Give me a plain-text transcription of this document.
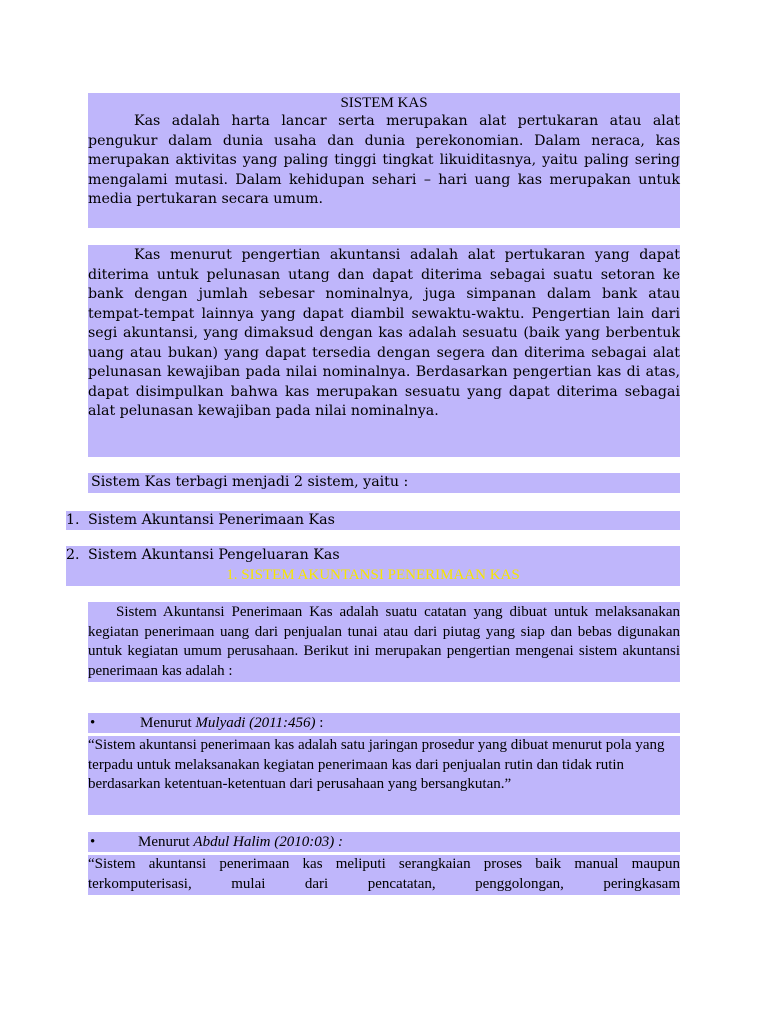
SISTEM KAS
Kas adalah harta lancar serta merupakan alat pertukaran atau alat pengukur dalam dunia usaha dan dunia perekonomian. Dalam neraca, kas merupakan aktivitas yang paling tinggi tingkat likuiditasnya, yaitu paling sering mengalami mutasi. Dalam kehidupan sehari – hari uang kas merupakan untuk media pertukaran secara umum.
Kas menurut pengertian akuntansi adalah alat pertukaran yang dapat diterima untuk pelunasan utang dan dapat diterima sebagai suatu setoran ke bank dengan jumlah sebesar nominalnya, juga simpanan dalam bank atau tempat-tempat lainnya yang dapat diambil sewaktu-waktu. Pengertian lain dari segi akuntansi, yang dimaksud dengan kas adalah sesuatu (baik yang berbentuk uang atau bukan) yang dapat tersedia dengan segera dan diterima sebagai alat pelunasan kewajiban pada nilai nominalnya. Berdasarkan pengertian kas di atas, dapat disimpulkan bahwa kas merupakan sesuatu yang dapat diterima sebagai alat pelunasan kewajiban pada nilai nominalnya.
Sistem Kas terbagi menjadi 2 sistem, yaitu :
1. Sistem Akuntansi Penerimaan Kas
2. Sistem Akuntansi Pengeluaran Kas
1. SISTEM AKUNTANSI PENERIMAAN KAS
Sistem Akuntansi Penerimaan Kas adalah suatu catatan yang dibuat untuk melaksanakan kegiatan penerimaan uang dari penjualan tunai atau dari piutag yang siap dan bebas digunakan untuk kegiatan umum perusahaan. Berikut ini merupakan pengertian mengenai sistem akuntansi penerimaan kas adalah :
•	Menurut Mulyadi (2011:456) :
“Sistem akuntansi penerimaan kas adalah satu jaringan prosedur yang dibuat menurut pola yang terpadu untuk melaksanakan kegiatan penerimaan kas dari penjualan rutin dan tidak rutin berdasarkan ketentuan-ketentuan dari perusahaan yang bersangkutan.”
•	Menurut Abdul Halim (2010:03) :
“Sistem akuntansi penerimaan kas meliputi serangkaian proses baik manual maupun terkomputerisasi, mulai dari pencatatan, penggolongan, peringkasam
